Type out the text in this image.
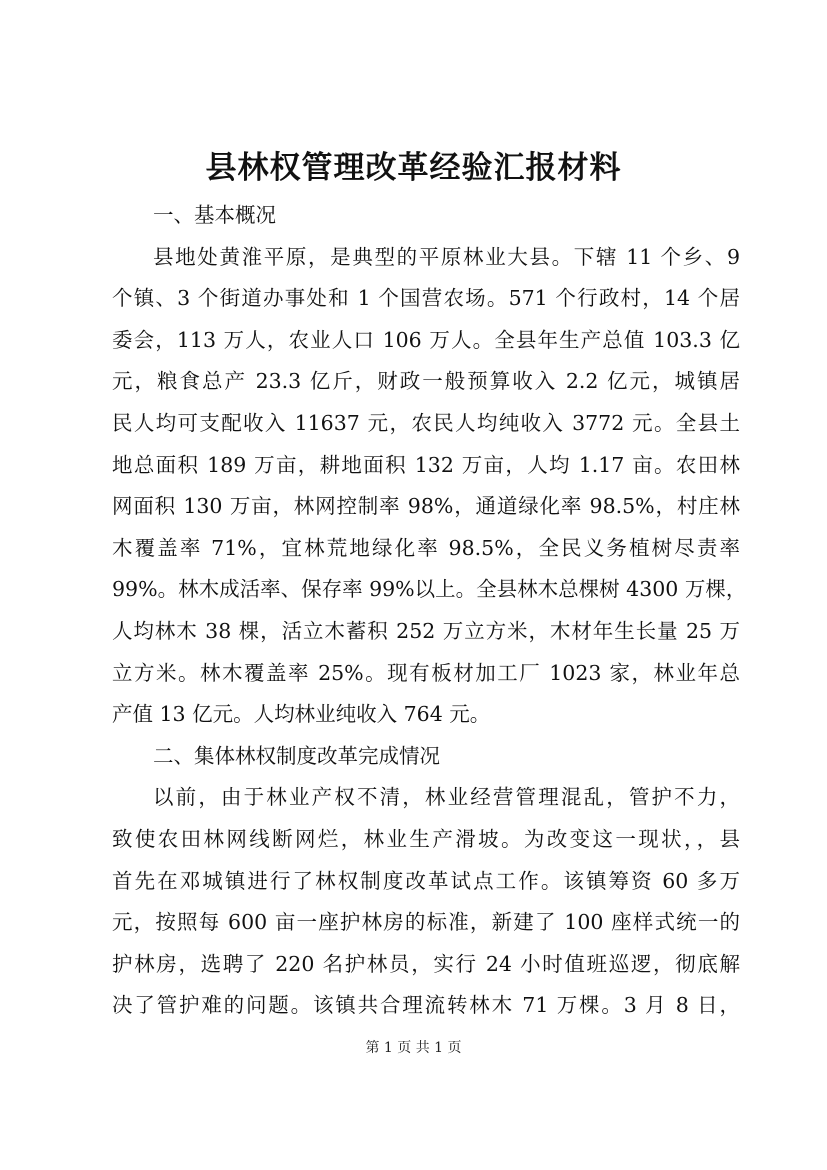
县林权管理改革经验汇报材料
一、基本概况
县地处黄淮平原，是典型的平原林业大县。下辖 11 个乡、9
个镇、3 个街道办事处和 1 个国营农场。571 个行政村，14 个居
委会，113 万人，农业人口 106 万人。全县年生产总值 103.3 亿
元，粮食总产 23.3 亿斤，财政一般预算收入 2.2 亿元，城镇居
民人均可支配收入 11637 元，农民人均纯收入 3772 元。全县土
地总面积 189 万亩，耕地面积 132 万亩，人均 1.17 亩。农田林
网面积 130 万亩，林网控制率 98%，通道绿化率 98.5%，村庄林
木覆盖率 71%，宜林荒地绿化率 98.5%，全民义务植树尽责率
99%。林木成活率、保存率 99%以上。全县林木总棵树 4300 万棵，
人均林木 38 棵，活立木蓄积 252 万立方米，木材年生长量 25 万
立方米。林木覆盖率 25%。现有板材加工厂 1023 家，林业年总
产值 13 亿元。人均林业纯收入 764 元。
二、集体林权制度改革完成情况
以前，由于林业产权不清，林业经营管理混乱，管护不力，
致使农田林网线断网烂，林业生产滑坡。为改变这一现状，，县
首先在邓城镇进行了林权制度改革试点工作。该镇筹资 60 多万
元，按照每 600 亩一座护林房的标准，新建了 100 座样式统一的
护林房，选聘了 220 名护林员，实行 24 小时值班巡逻，彻底解
决了管护难的问题。该镇共合理流转林木 71 万棵。3 月 8 日，
第 1 页 共 1 页
